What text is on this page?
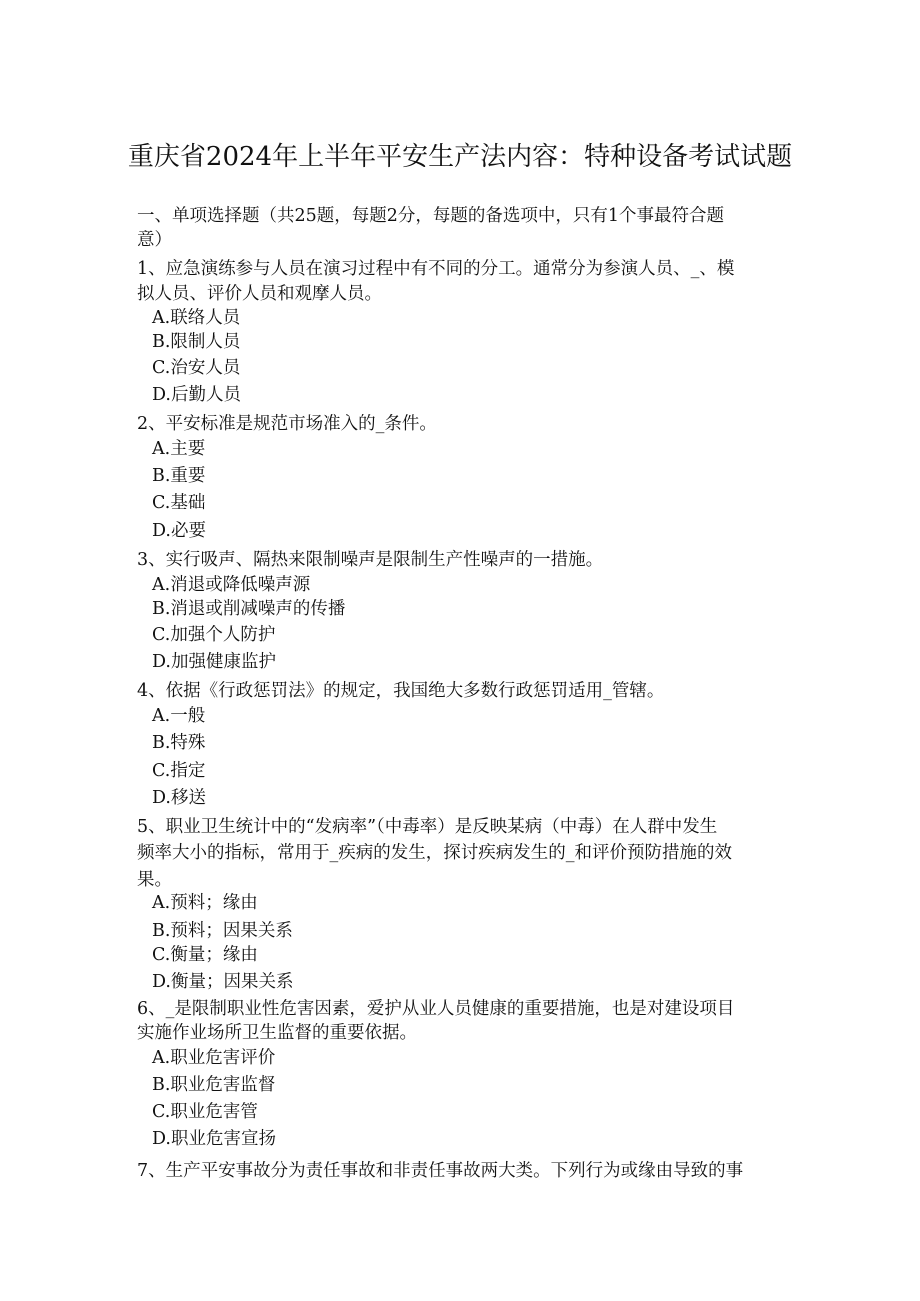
重庆省2024年上半年平安生产法内容：特种设备考试试题
一、单项选择题（共25题，每题2分，每题的备选项中，只有1个事最符合题
意）
1、应急演练参与人员在演习过程中有不同的分工。通常分为参演人员、_、模
拟人员、评价人员和观摩人员。
A.联络人员
B.限制人员
C.治安人员
D.后勤人员
2、平安标准是规范市场准入的_条件。
A.主要
B.重要
C.基础
D.必要
3、实行吸声、隔热来限制噪声是限制生产性噪声的一措施。
A.消退或降低噪声源
B.消退或削减噪声的传播
C.加强个人防护
D.加强健康监护
4、依据《行政惩罚法》的规定，我国绝大多数行政惩罚适用_管辖。
A.一般
B.特殊
C.指定
D.移送
5、职业卫生统计中的“发病率”（中毒率）是反映某病（中毒）在人群中发生
频率大小的指标，常用于_疾病的发生，探讨疾病发生的_和评价预防措施的效
果。
A.预料；缘由
B.预料；因果关系
C.衡量；缘由
D.衡量；因果关系
6、_是限制职业性危害因素，爱护从业人员健康的重要措施，也是对建设项目
实施作业场所卫生监督的重要依据。
A.职业危害评价
B.职业危害监督
C.职业危害管
D.职业危害宣扬
7、生产平安事故分为责任事故和非责任事故两大类。下列行为或缘由导致的事
